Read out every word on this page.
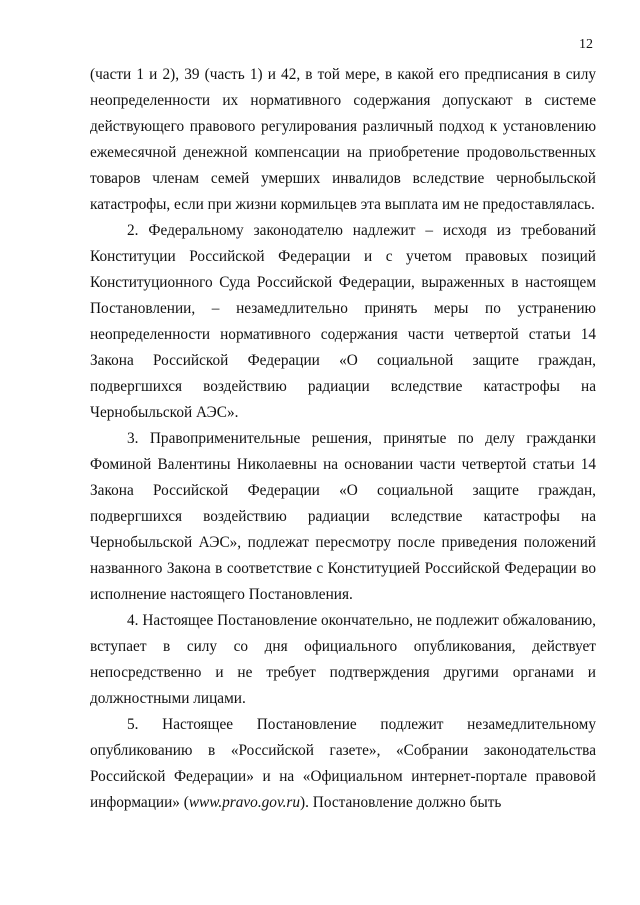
12

(части 1 и 2), 39 (часть 1) и 42, в той мере, в какой его предписания в силу неопределенности их нормативного содержания допускают в системе действующего правового регулирования различный подход к установлению ежемесячной денежной компенсации на приобретение продовольственных товаров членам семей умерших инвалидов вследствие чернобыльской катастрофы, если при жизни кормильцев эта выплата им не предоставлялась.

2. Федеральному законодателю надлежит – исходя из требований Конституции Российской Федерации и с учетом правовых позиций Конституционного Суда Российской Федерации, выраженных в настоящем Постановлении, – незамедлительно принять меры по устранению неопределенности нормативного содержания части четвертой статьи 14 Закона Российской Федерации «О социальной защите граждан, подвергшихся воздействию радиации вследствие катастрофы на Чернобыльской АЭС».

3. Правоприменительные решения, принятые по делу гражданки Фоминой Валентины Николаевны на основании части четвертой статьи 14 Закона Российской Федерации «О социальной защите граждан, подвергшихся воздействию радиации вследствие катастрофы на Чернобыльской АЭС», подлежат пересмотру после приведения положений названного Закона в соответствие с Конституцией Российской Федерации во исполнение настоящего Постановления.

4. Настоящее Постановление окончательно, не подлежит обжалованию, вступает в силу со дня официального опубликования, действует непосредственно и не требует подтверждения другими органами и должностными лицами.

5. Настоящее Постановление подлежит незамедлительному опубликованию в «Российской газете», «Собрании законодательства Российской Федерации» и на «Официальном интернет-портале правовой информации» (www.pravo.gov.ru). Постановление должно быть
